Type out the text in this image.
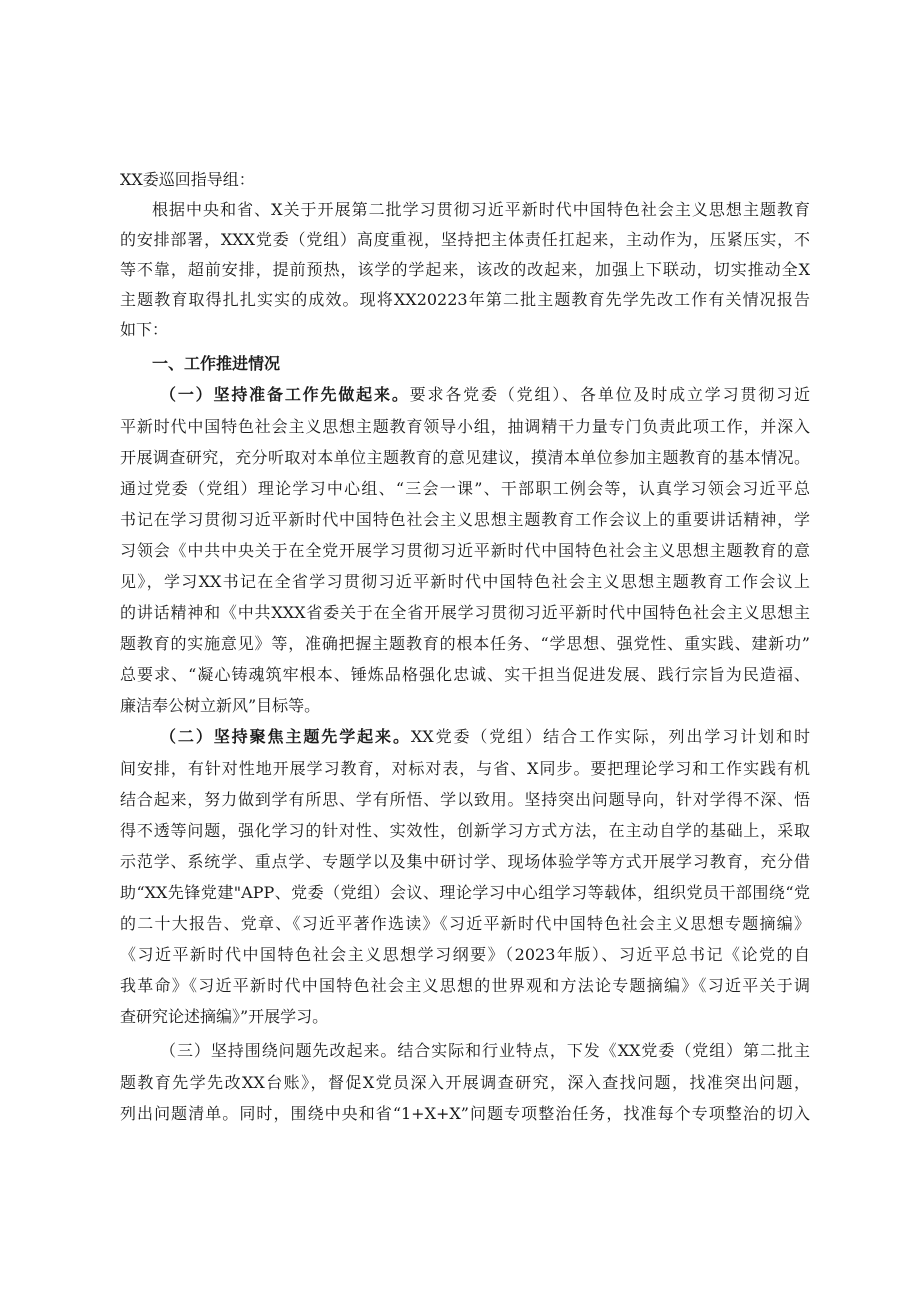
XX委巡回指导组：
根据中央和省、X关于开展第二批学习贯彻习近平新时代中国特色社会主义思想主题教育
的安排部署，XXX党委（党组）高度重视，坚持把主体责任扛起来，主动作为，压紧压实，不
等不靠，超前安排，提前预热，该学的学起来，该改的改起来，加强上下联动，切实推动全X
主题教育取得扎扎实实的成效。现将XX20223年第二批主题教育先学先改工作有关情况报告
如下：
一、工作推进情况
（一）坚持准备工作先做起来。要求各党委（党组）、各单位及时成立学习贯彻习近
平新时代中国特色社会主义思想主题教育领导小组，抽调精干力量专门负责此项工作，并深入
开展调查研究，充分听取对本单位主题教育的意见建议，摸清本单位参加主题教育的基本情况。
通过党委（党组）理论学习中心组、“三会一课”、干部职工例会等，认真学习领会习近平总
书记在学习贯彻习近平新时代中国特色社会主义思想主题教育工作会议上的重要讲话精神，学
习领会《中共中央关于在全党开展学习贯彻习近平新时代中国特色社会主义思想主题教育的意
见》，学习XX书记在全省学习贯彻习近平新时代中国特色社会主义思想主题教育工作会议上
的讲话精神和《中共XXX省委关于在全省开展学习贯彻习近平新时代中国特色社会主义思想主
题教育的实施意见》等，准确把握主题教育的根本任务、“学思想、强党性、重实践、建新功”
总要求、“凝心铸魂筑牢根本、锤炼品格强化忠诚、实干担当促进发展、践行宗旨为民造福、
廉洁奉公树立新风”目标等。
（二）坚持聚焦主题先学起来。XX党委（党组）结合工作实际，列出学习计划和时
间安排，有针对性地开展学习教育，对标对表，与省、X同步。要把理论学习和工作实践有机
结合起来，努力做到学有所思、学有所悟、学以致用。坚持突出问题导向，针对学得不深、悟
得不透等问题，强化学习的针对性、实效性，创新学习方式方法，在主动自学的基础上，采取
示范学、系统学、重点学、专题学以及集中研讨学、现场体验学等方式开展学习教育，充分借
助“XX先锋党建"APP、党委（党组）会议、理论学习中心组学习等载体，组织党员干部围绕“党
的二十大报告、党章、《习近平著作选读》《习近平新时代中国特色社会主义思想专题摘编》
《习近平新时代中国特色社会主义思想学习纲要》（2023年版）、习近平总书记《论党的自
我革命》《习近平新时代中国特色社会主义思想的世界观和方法论专题摘编》《习近平关于调
查研究论述摘编》”开展学习。
（三）坚持围绕问题先改起来。结合实际和行业特点，下发《XX党委（党组）第二批主
题教育先学先改XX台账》，督促X党员深入开展调查研究，深入查找问题，找准突出问题，
列出问题清单。同时，围绕中央和省“1+X+X”问题专项整治任务，找准每个专项整治的切入
